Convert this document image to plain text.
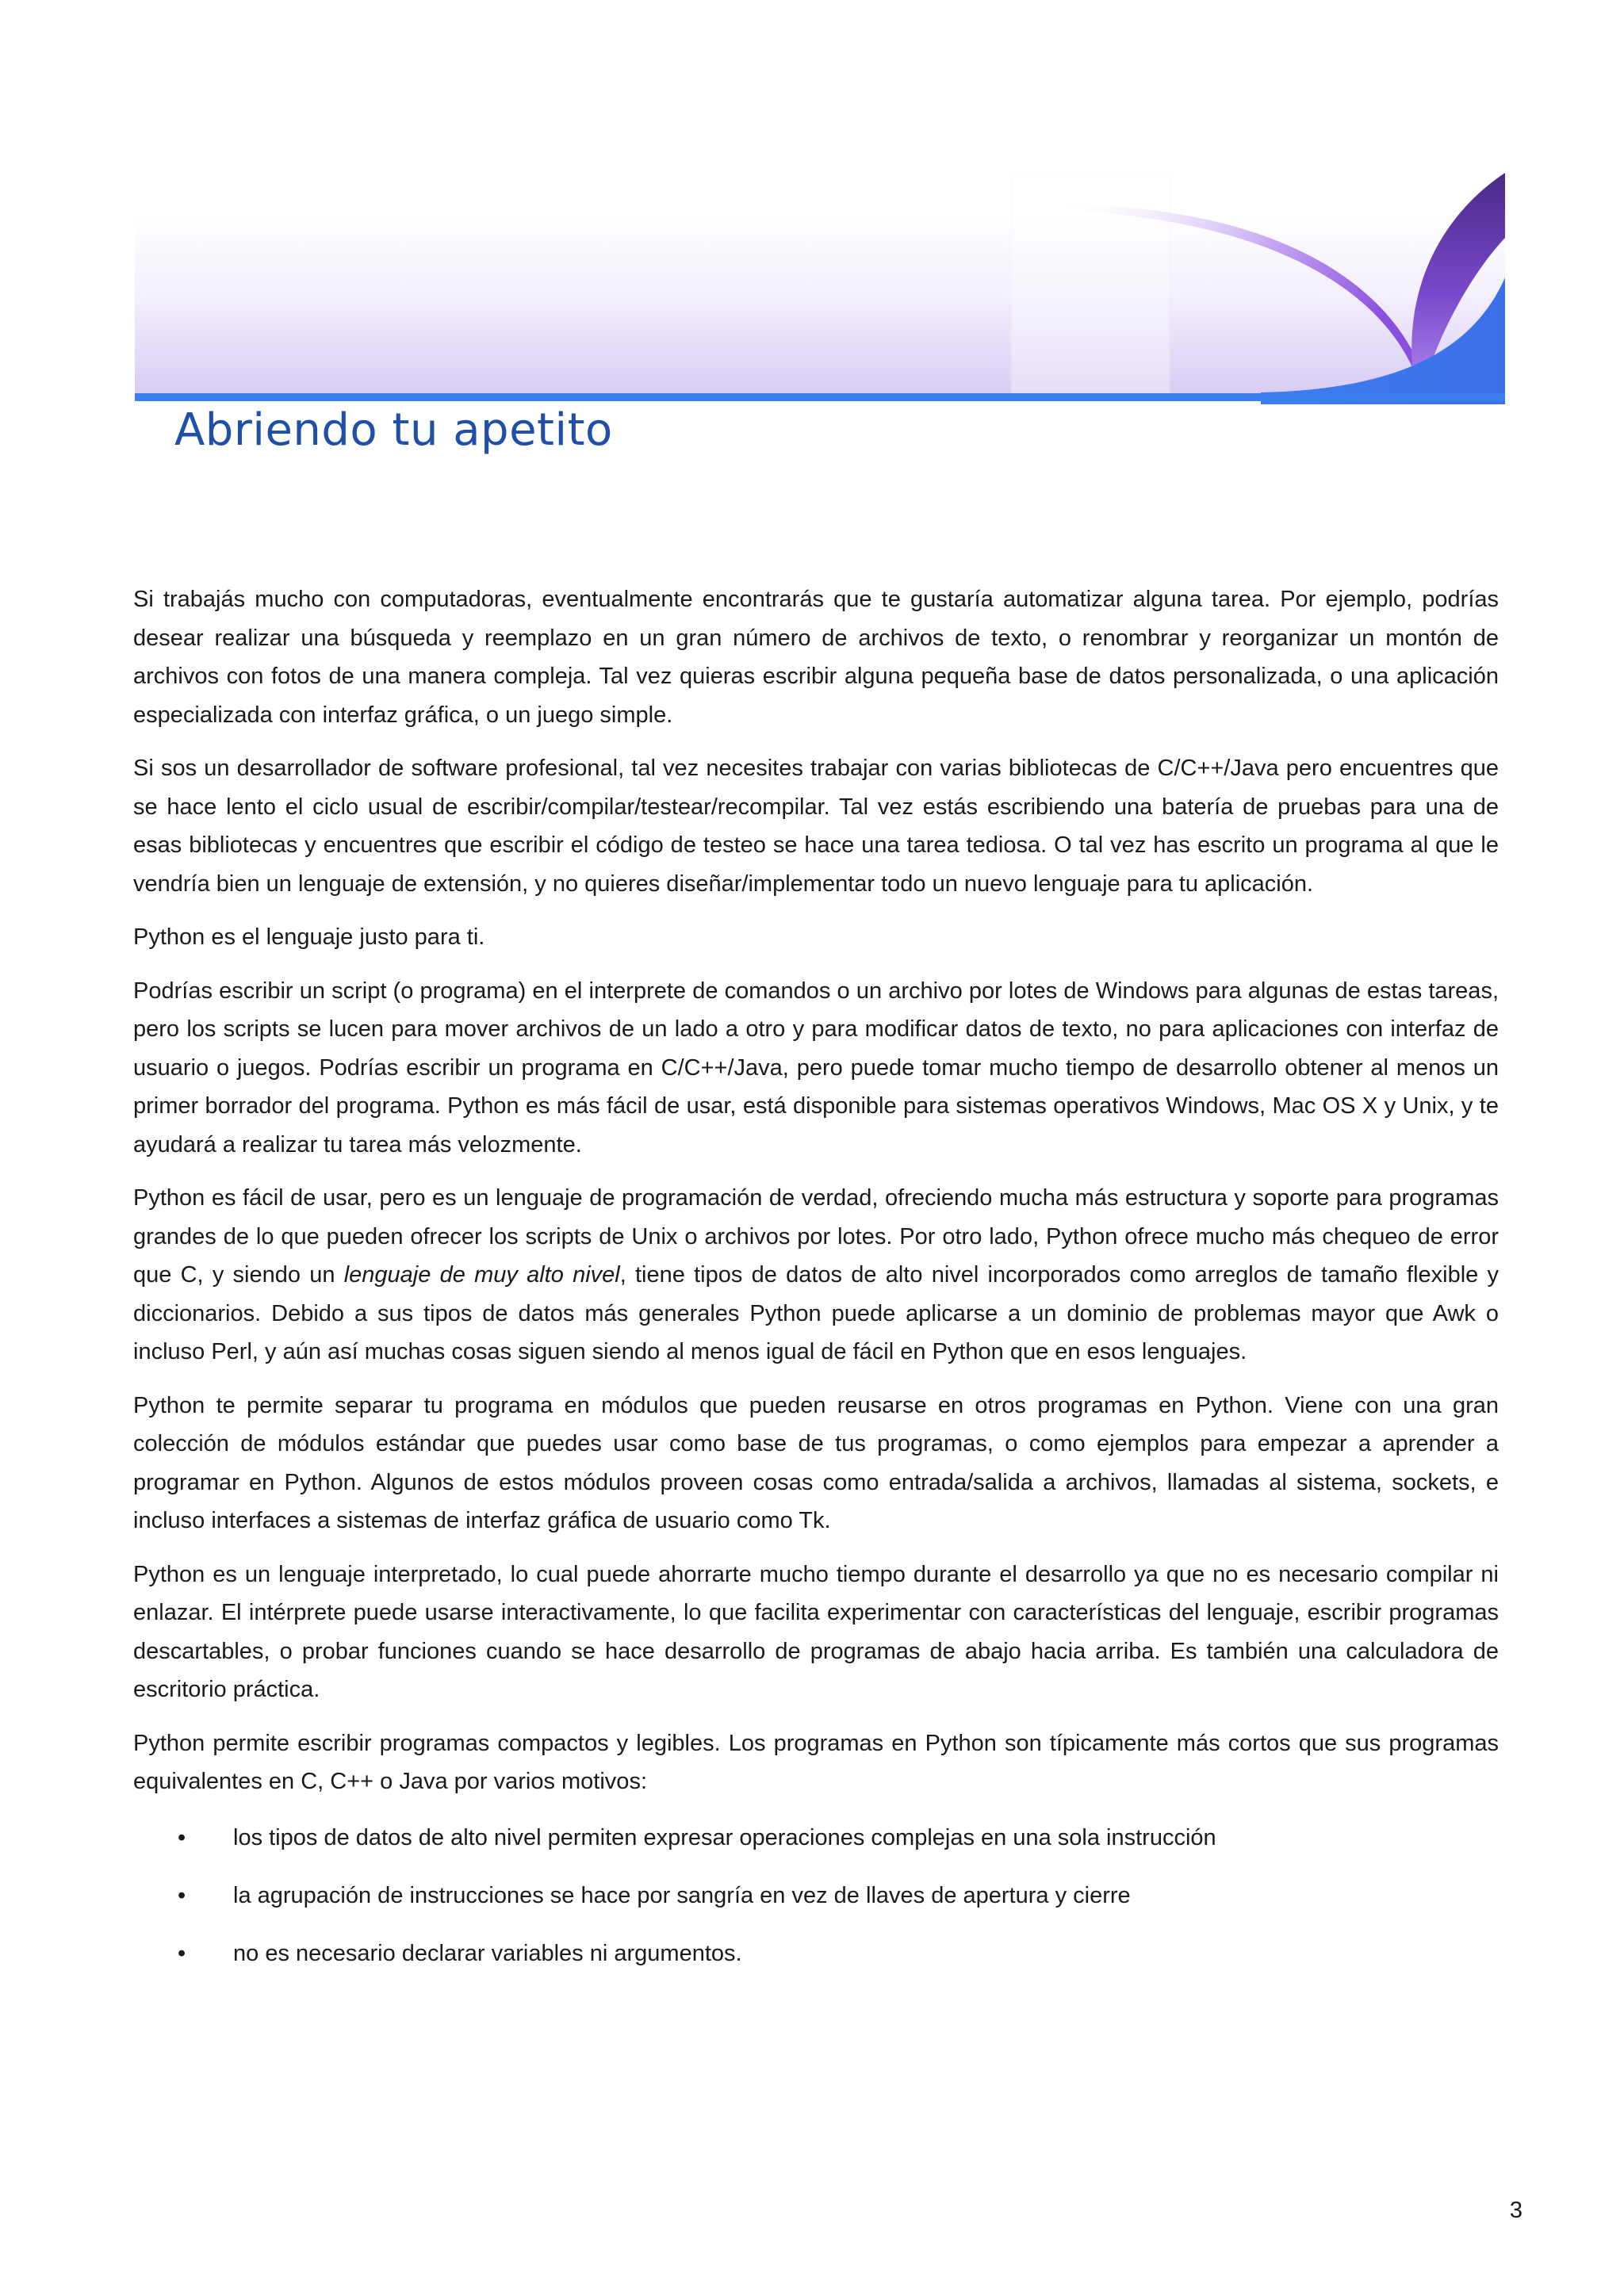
Abriendo tu apetito

Si trabajás mucho con computadoras, eventualmente encontrarás que te gustaría automatizar alguna tarea. Por ejemplo, podrías desear realizar una búsqueda y reemplazo en un gran número de archivos de texto, o renombrar y reorganizar un montón de archivos con fotos de una manera compleja. Tal vez quieras escribir alguna pequeña base de datos personalizada, o una aplicación especializada con interfaz gráfica, o un juego simple.

Si sos un desarrollador de software profesional, tal vez necesites trabajar con varias bibliotecas de C/C++/Java pero encuentres que se hace lento el ciclo usual de escribir/compilar/testear/recompilar. Tal vez estás escribiendo una batería de pruebas para una de esas bibliotecas y encuentres que escribir el código de testeo se hace una tarea tediosa. O tal vez has escrito un programa al que le vendría bien un lenguaje de extensión, y no quieres diseñar/implementar todo un nuevo lenguaje para tu aplicación.

Python es el lenguaje justo para ti.

Podrías escribir un script (o programa) en el interprete de comandos o un archivo por lotes de Windows para algunas de estas tareas, pero los scripts se lucen para mover archivos de un lado a otro y para modificar datos de texto, no para aplicaciones con interfaz de usuario o juegos. Podrías escribir un programa en C/C++/Java, pero puede tomar mucho tiempo de desarrollo obtener al menos un primer borrador del programa. Python es más fácil de usar, está disponible para sistemas operativos Windows, Mac OS X y Unix, y te ayudará a realizar tu tarea más velozmente.

Python es fácil de usar, pero es un lenguaje de programación de verdad, ofreciendo mucha más estructura y soporte para programas grandes de lo que pueden ofrecer los scripts de Unix o archivos por lotes. Por otro lado, Python ofrece mucho más chequeo de error que C, y siendo un lenguaje de muy alto nivel, tiene tipos de datos de alto nivel incorporados como arreglos de tamaño flexible y diccionarios. Debido a sus tipos de datos más generales Python puede aplicarse a un dominio de problemas mayor que Awk o incluso Perl, y aún así muchas cosas siguen siendo al menos igual de fácil en Python que en esos lenguajes.

Python te permite separar tu programa en módulos que pueden reusarse en otros programas en Python. Viene con una gran colección de módulos estándar que puedes usar como base de tus programas, o como ejemplos para empezar a aprender a programar en Python. Algunos de estos módulos proveen cosas como entrada/salida a archivos, llamadas al sistema, sockets, e incluso interfaces a sistemas de interfaz gráfica de usuario como Tk.

Python es un lenguaje interpretado, lo cual puede ahorrarte mucho tiempo durante el desarrollo ya que no es necesario compilar ni enlazar. El intérprete puede usarse interactivamente, lo que facilita experimentar con características del lenguaje, escribir programas descartables, o probar funciones cuando se hace desarrollo de programas de abajo hacia arriba. Es también una calculadora de escritorio práctica.

Python permite escribir programas compactos y legibles. Los programas en Python son típicamente más cortos que sus programas equivalentes en C, C++ o Java por varios motivos:

• los tipos de datos de alto nivel permiten expresar operaciones complejas en una sola instrucción
• la agrupación de instrucciones se hace por sangría en vez de llaves de apertura y cierre
• no es necesario declarar variables ni argumentos.
3
